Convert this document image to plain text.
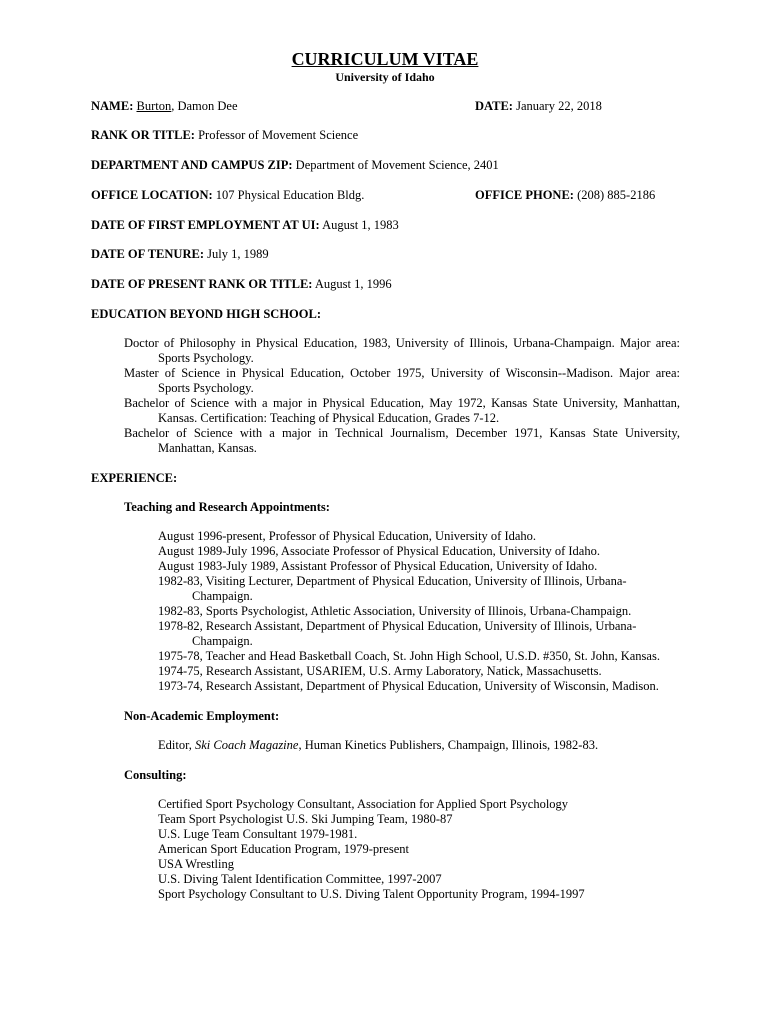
CURRICULUM VITAE
University of Idaho
NAME: Burton, Damon Dee	DATE: January 22, 2018
RANK OR TITLE: Professor of Movement Science
DEPARTMENT AND CAMPUS ZIP: Department of Movement Science, 2401
OFFICE LOCATION: 107 Physical Education Bldg.	OFFICE PHONE: (208) 885-2186
DATE OF FIRST EMPLOYMENT AT UI: August 1, 1983
DATE OF TENURE: July 1, 1989
DATE OF PRESENT RANK OR TITLE: August 1, 1996
EDUCATION BEYOND HIGH SCHOOL:

Doctor of Philosophy in Physical Education, 1983, University of Illinois, Urbana-Champaign. Major area: Sports Psychology.

Master of Science in Physical Education, October 1975, University of Wisconsin--Madison. Major area: Sports Psychology.

Bachelor of Science with a major in Physical Education, May 1972, Kansas State University, Manhattan, Kansas. Certification: Teaching of Physical Education, Grades 7-12.

Bachelor of Science with a major in Technical Journalism, December 1971, Kansas State University, Manhattan, Kansas.

EXPERIENCE:
Teaching and Research Appointments:

August 1996-present, Professor of Physical Education, University of Idaho.

August 1989-July 1996, Associate Professor of Physical Education, University of Idaho.

August 1983-July 1989, Assistant Professor of Physical Education, University of Idaho.

1982-83, Visiting Lecturer, Department of Physical Education, University of Illinois, Urbana-Champaign.

1982-83, Sports Psychologist, Athletic Association, University of Illinois, Urbana-Champaign.

1978-82, Research Assistant, Department of Physical Education, University of Illinois, Urbana-Champaign.

1975-78, Teacher and Head Basketball Coach, St. John High School, U.S.D. #350, St. John, Kansas.

1974-75, Research Assistant, USARIEM, U.S. Army Laboratory, Natick, Massachusetts.

1973-74, Research Assistant, Department of Physical Education, University of Wisconsin, Madison.

Non-Academic Employment:

Editor, Ski Coach Magazine, Human Kinetics Publishers, Champaign, Illinois, 1982-83.

Consulting:

Certified Sport Psychology Consultant, Association for Applied Sport Psychology

Team Sport Psychologist U.S. Ski Jumping Team, 1980-87

U.S. Luge Team Consultant 1979-1981.

American Sport Education Program, 1979-present

USA Wrestling

U.S. Diving Talent Identification Committee, 1997-2007

Sport Psychology Consultant to U.S. Diving Talent Opportunity Program, 1994-1997
